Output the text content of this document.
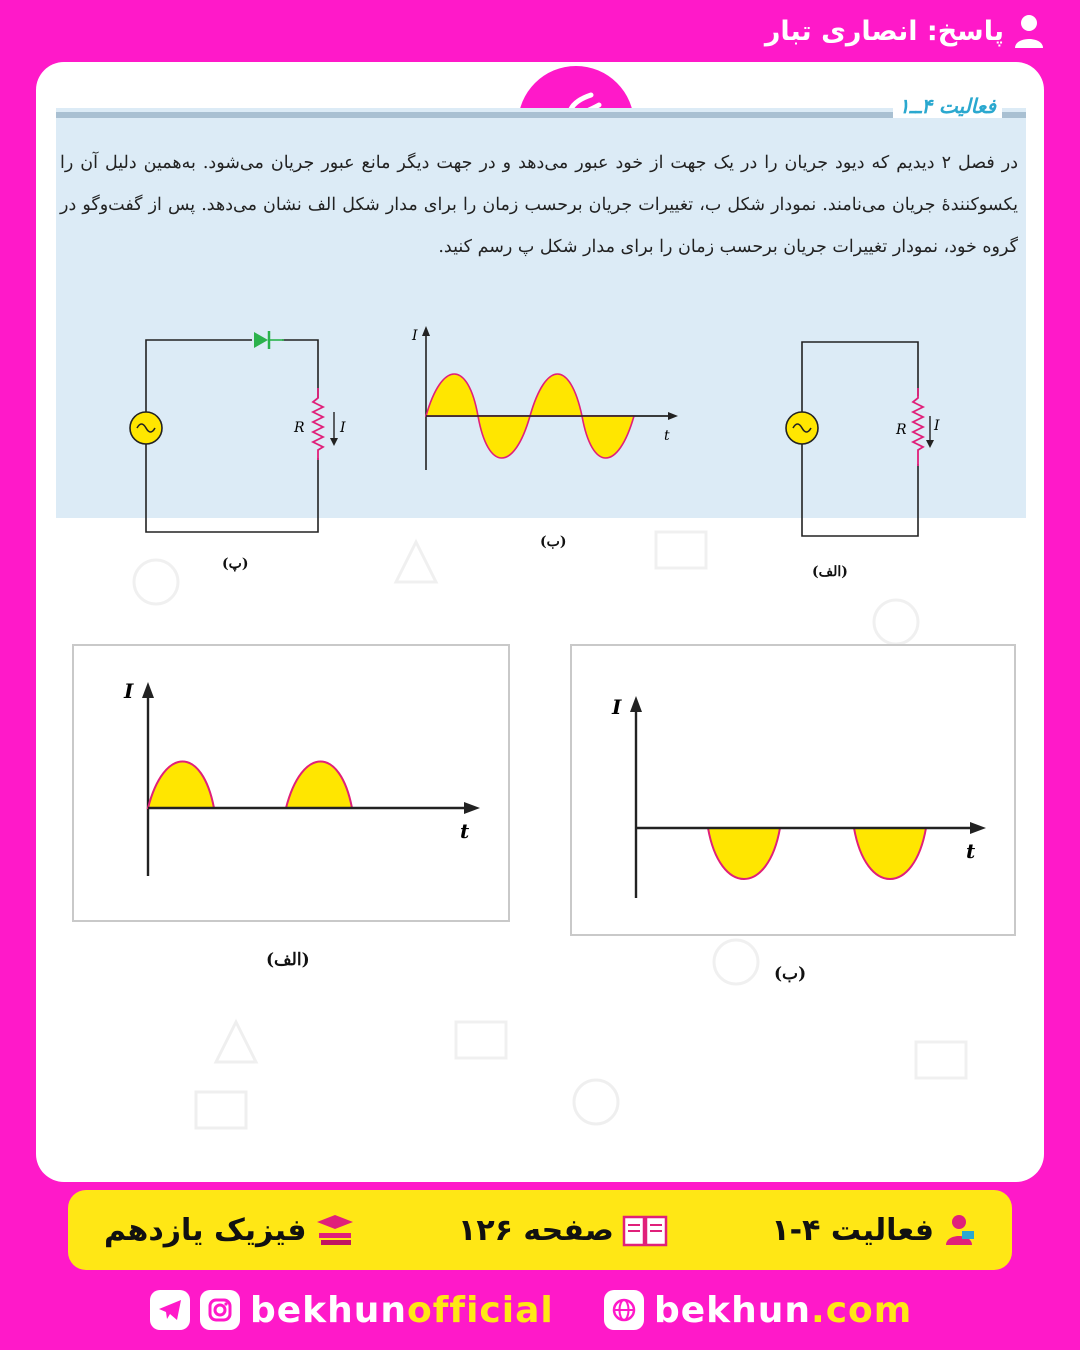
پاسخ: انصاری تبار
فعالیت ۴ــ۱
در فصل ۲ دیدیم که دیود جریان را در یک جهت از خود عبور می‌دهد و در جهت دیگر مانع عبور جریان می‌شود. به‌همین دلیل آن را یکسوکنندهٔ جریان می‌نامند. نمودار شکل ب، تغییرات جریان برحسب زمان را برای مدار شکل الف نشان می‌دهد. پس از گفت‌وگو در گروه خود، نمودار تغییرات جریان برحسب زمان را برای مدار شکل پ رسم کنید.
R	I
(پ)
I
t
(ب)
R I
(الف)
I
t
(الف)
I
t
(ب)
فعالیت ۴-۱
صفحه ۱۲۶
فیزیک یازدهم
bekhunofficial	bekhun.com
